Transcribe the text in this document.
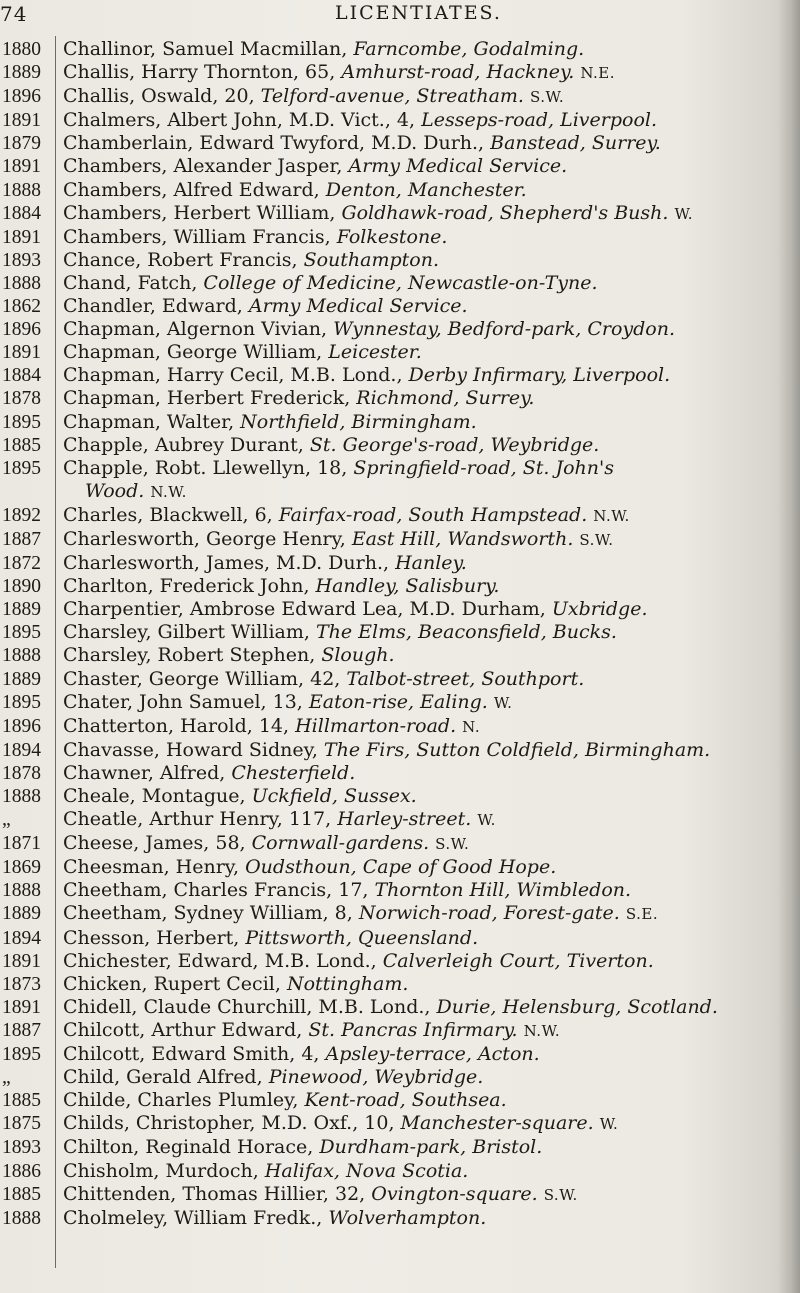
74	LICENTIATES.
1880	Challinor, Samuel Macmillan, Farncombe, Godalming.
1889	Challis, Harry Thornton, 65, Amhurst-road, Hackney. N.E.
1896	Challis, Oswald, 20, Telford-avenue, Streatham. S.W.
1891	Chalmers, Albert John, M.D. Vict., 4, Lesseps-road, Liverpool.
1879	Chamberlain, Edward Twyford, M.D. Durh., Banstead, Surrey.
1891	Chambers, Alexander Jasper, Army Medical Service.
1888	Chambers, Alfred Edward, Denton, Manchester.
1884	Chambers, Herbert William, Goldhawk-road, Shepherd's Bush. W.
1891	Chambers, William Francis, Folkestone.
1893	Chance, Robert Francis, Southampton.
1888	Chand, Fatch, College of Medicine, Newcastle-on-Tyne.
1862	Chandler, Edward, Army Medical Service.
1896	Chapman, Algernon Vivian, Wynnestay, Bedford-park, Croydon.
1891	Chapman, George William, Leicester.
1884	Chapman, Harry Cecil, M.B. Lond., Derby Infirmary, Liverpool.
1878	Chapman, Herbert Frederick, Richmond, Surrey.
1895	Chapman, Walter, Northfield, Birmingham.
1885	Chapple, Aubrey Durant, St. George's-road, Weybridge.
1895	Chapple, Robt. Llewellyn, 18, Springfield-road, St. John's
Wood. N.W.
1892	Charles, Blackwell, 6, Fairfax-road, South Hampstead. N.W.
1887	Charlesworth, George Henry, East Hill, Wandsworth. S.W.
1872	Charlesworth, James, M.D. Durh., Hanley.
1890	Charlton, Frederick John, Handley, Salisbury.
1889	Charpentier, Ambrose Edward Lea, M.D. Durham, Uxbridge.
1895	Charsley, Gilbert William, The Elms, Beaconsfield, Bucks.
1888	Charsley, Robert Stephen, Slough.
1889	Chaster, George William, 42, Talbot-street, Southport.
1895	Chater, John Samuel, 13, Eaton-rise, Ealing. W.
1896	Chatterton, Harold, 14, Hillmarton-road. N.
1894	Chavasse, Howard Sidney, The Firs, Sutton Coldfield, Birmingham.
1878	Chawner, Alfred, Chesterfield.
1888	Cheale, Montague, Uckfield, Sussex.
„	Cheatle, Arthur Henry, 117, Harley-street. W.
1871	Cheese, James, 58, Cornwall-gardens. S.W.
1869	Cheesman, Henry, Oudsthoun, Cape of Good Hope.
1888	Cheetham, Charles Francis, 17, Thornton Hill, Wimbledon.
1889	Cheetham, Sydney William, 8, Norwich-road, Forest-gate. S.E.
1894	Chesson, Herbert, Pittsworth, Queensland.
1891	Chichester, Edward, M.B. Lond., Calverleigh Court, Tiverton.
1873	Chicken, Rupert Cecil, Nottingham.
1891	Chidell, Claude Churchill, M.B. Lond., Durie, Helensburg, Scotland.
1887	Chilcott, Arthur Edward, St. Pancras Infirmary. N.W.
1895	Chilcott, Edward Smith, 4, Apsley-terrace, Acton.
„	Child, Gerald Alfred, Pinewood, Weybridge.
1885	Childe, Charles Plumley, Kent-road, Southsea.
1875	Childs, Christopher, M.D. Oxf., 10, Manchester-square. W.
1893	Chilton, Reginald Horace, Durdham-park, Bristol.
1886	Chisholm, Murdoch, Halifax, Nova Scotia.
1885	Chittenden, Thomas Hillier, 32, Ovington-square. S.W.
1888	Cholmeley, William Fredk., Wolverhampton.
